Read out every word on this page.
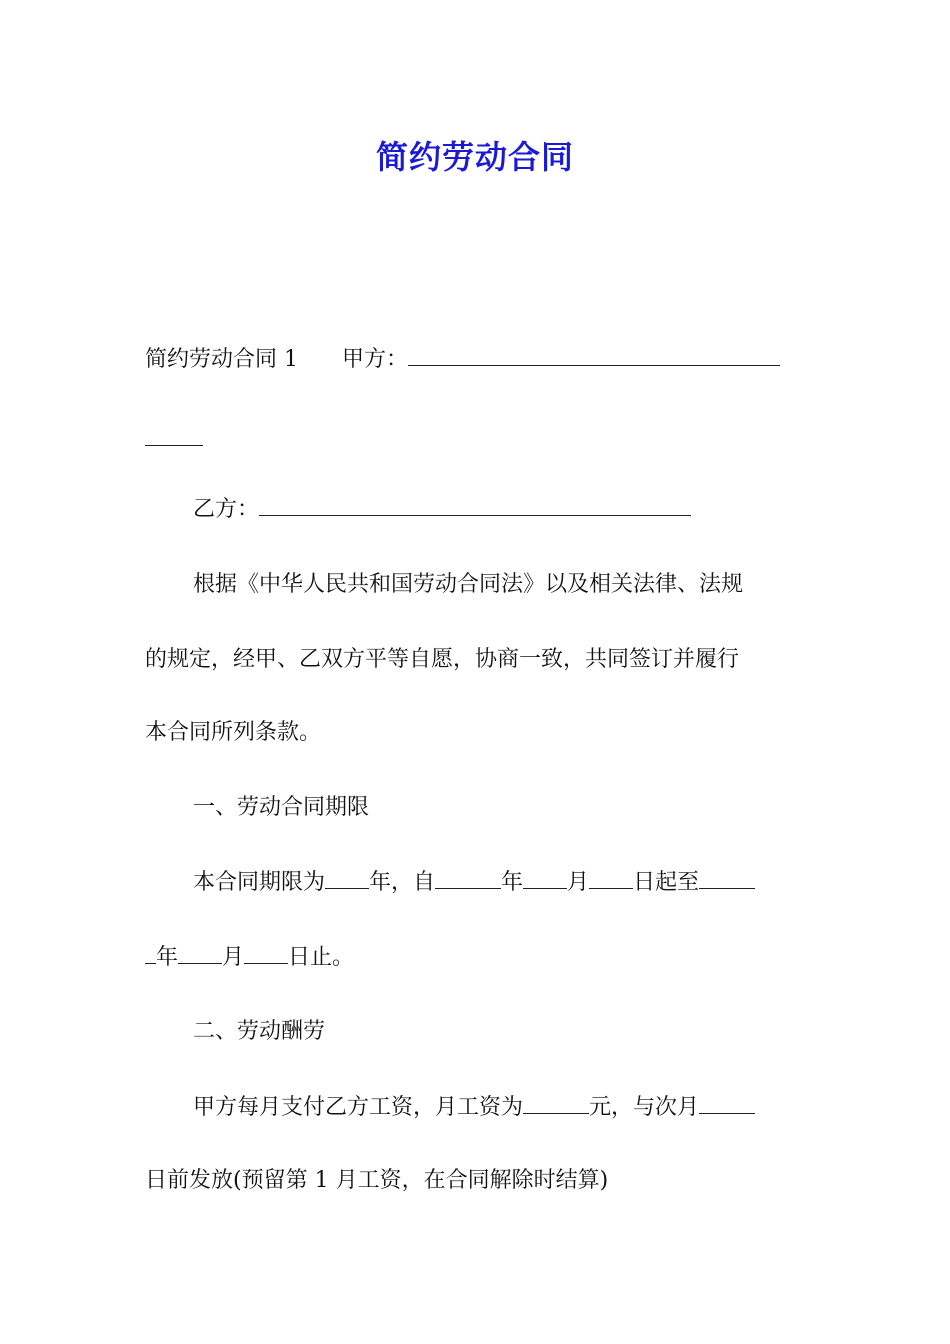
简约劳动合同
简约劳动合同 1 甲方：
乙方：
根据《中华人民共和国劳动合同法》以及相关法律、法规
的规定，经甲、乙双方平等自愿，协商一致，共同签订并履行
本合同所列条款。
一、劳动合同期限
本合同期限为 年，自	年 月 日起至
年 月 日止。
二、劳动酬劳
甲方每月支付乙方工资，月工资为	元，与次月
日前发放(预留第 1 月工资，在合同解除时结算)
